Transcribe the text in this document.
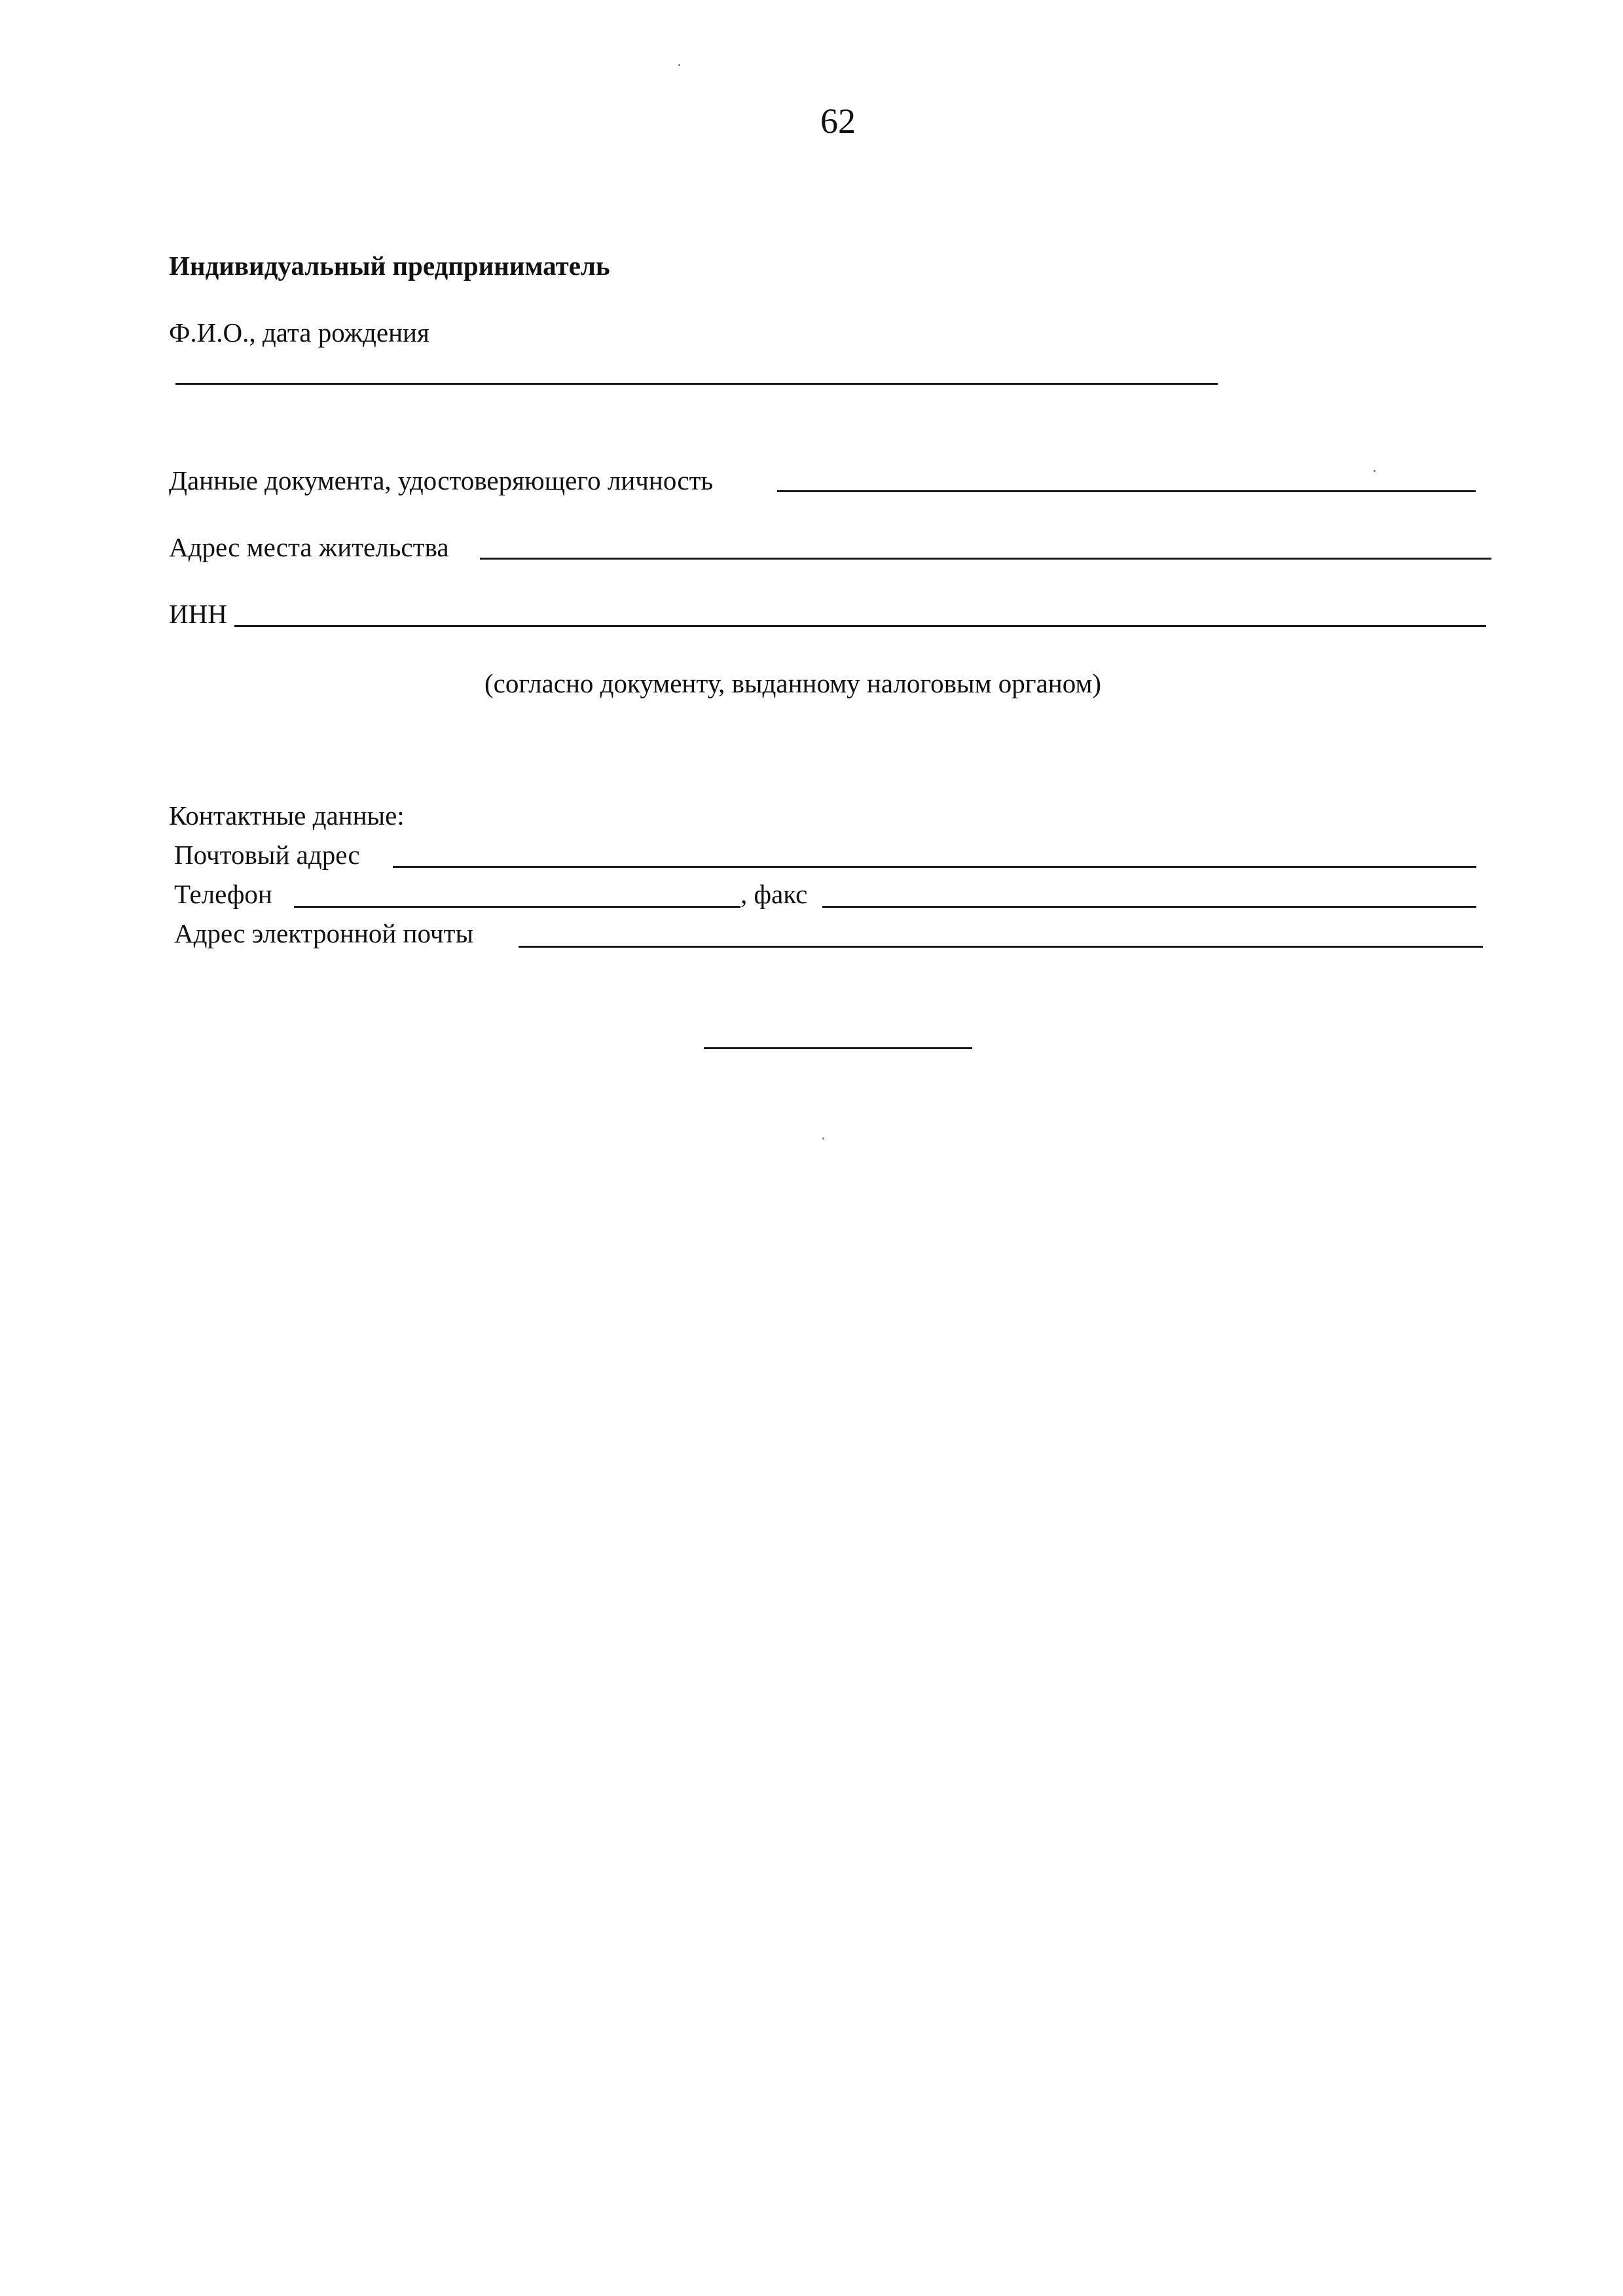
62
Индивидуальный предприниматель
Ф.И.О., дата рождения
Данные документа, удостоверяющего личность
Адрес места жительства
ИНН
(согласно документу, выданному налоговым органом)
Контактные данные:
Почтовый адрес
Телефон	, факс
Адрес электронной почты
